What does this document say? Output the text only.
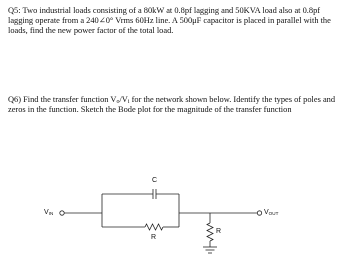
Q5: Two industrial loads consisting of a 80kW at 0.8pf lagging and 50KVA load also at 0.8pf lagging operate from a 240∠0° Vrms 60Hz line. A 500μF capacitor is placed in parallel with the loads, find the new power factor of the total load.

Q6) Find the transfer function $V_o/V_i$ for the network shown below. Identify the types of poles and zeros in the function. Sketch the Bode plot for the magnitude of the transfer function

$V_{IN}$	$V_{OUT}$
C
R
R
